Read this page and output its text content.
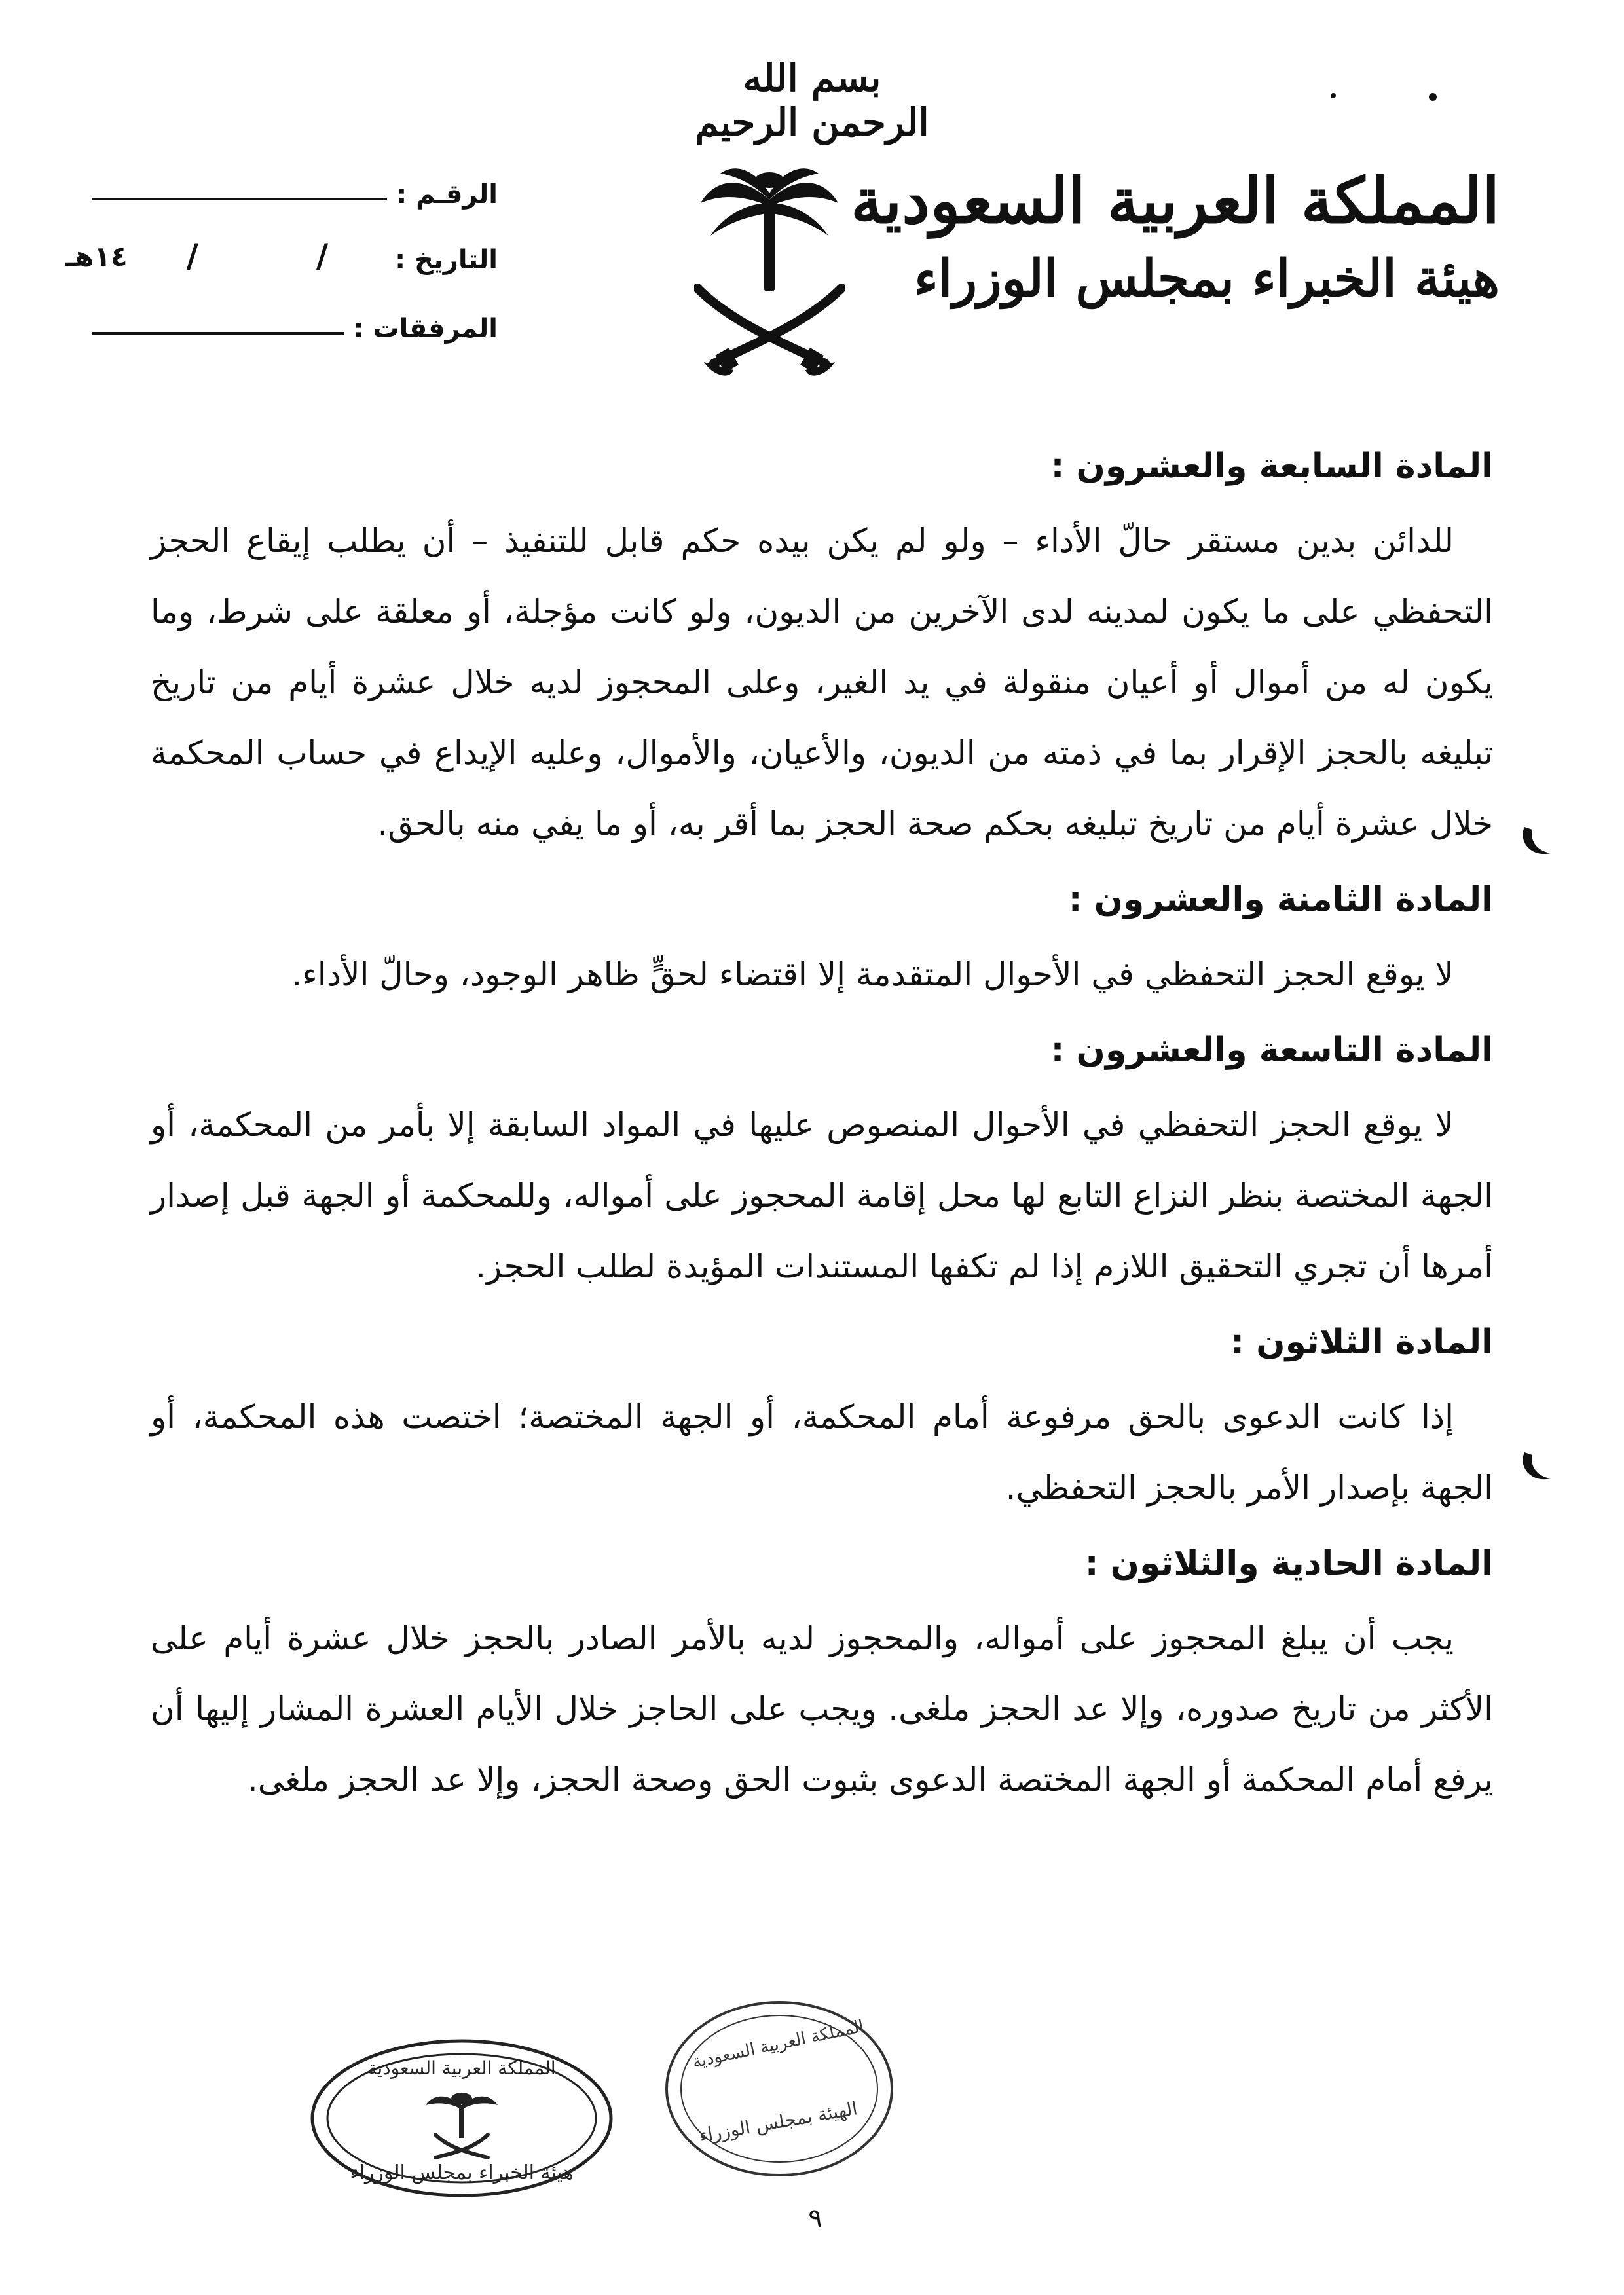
بسم الله الرحمن الرحيم
المملكة العربية السعودية
هيئة الخبراء بمجلس الوزراء
الرقـم :
التاريخ :
/
/
١٤هـ
المرفقات :
المادة السابعة والعشرون :

للدائن بدين مستقر حالّ الأداء – ولو لم يكن بيده حكم قابل للتنفيذ – أن يطلب إيقاع الحجز التحفظي على ما يكون لمدينه لدى الآخرين من الديون، ولو كانت مؤجلة، أو معلقة على شرط، وما يكون له من أموال أو أعيان منقولة في يد الغير، وعلى المحجوز لديه خلال عشرة أيام من تاريخ تبليغه بالحجز الإقرار بما في ذمته من الديون، والأعيان، والأموال، وعليه الإيداع في حساب المحكمة خلال عشرة أيام من تاريخ تبليغه بحكم صحة الحجز بما أقر به، أو ما يفي منه بالحق.

المادة الثامنة والعشرون :

لا يوقع الحجز التحفظي في الأحوال المتقدمة إلا اقتضاء لحقٍّ ظاهر الوجود، وحالّ الأداء.

المادة التاسعة والعشرون :

لا يوقع الحجز التحفظي في الأحوال المنصوص عليها في المواد السابقة إلا بأمر من المحكمة، أو الجهة المختصة بنظر النزاع التابع لها محل إقامة المحجوز على أمواله، وللمحكمة أو الجهة قبل إصدار أمرها أن تجري التحقيق اللازم إذا لم تكفها المستندات المؤيدة لطلب الحجز.

المادة الثلاثون :

إذا كانت الدعوى بالحق مرفوعة أمام المحكمة، أو الجهة المختصة؛ اختصت هذه المحكمة، أو الجهة بإصدار الأمر بالحجز التحفظي.

المادة الحادية والثلاثون :

يجب أن يبلغ المحجوز على أمواله، والمحجوز لديه بالأمر الصادر بالحجز خلال عشرة أيام على الأكثر من تاريخ صدوره، وإلا عد الحجز ملغى. ويجب على الحاجز خلال الأيام العشرة المشار إليها أن يرفع أمام المحكمة أو الجهة المختصة الدعوى بثبوت الحق وصحة الحجز، وإلا عد الحجز ملغى.

المملكة العربية السعودية
هيئة الخبراء بمجلس الوزراء
المملكة العربية السعودية
الهيئة بمجلس الوزراء
٩
